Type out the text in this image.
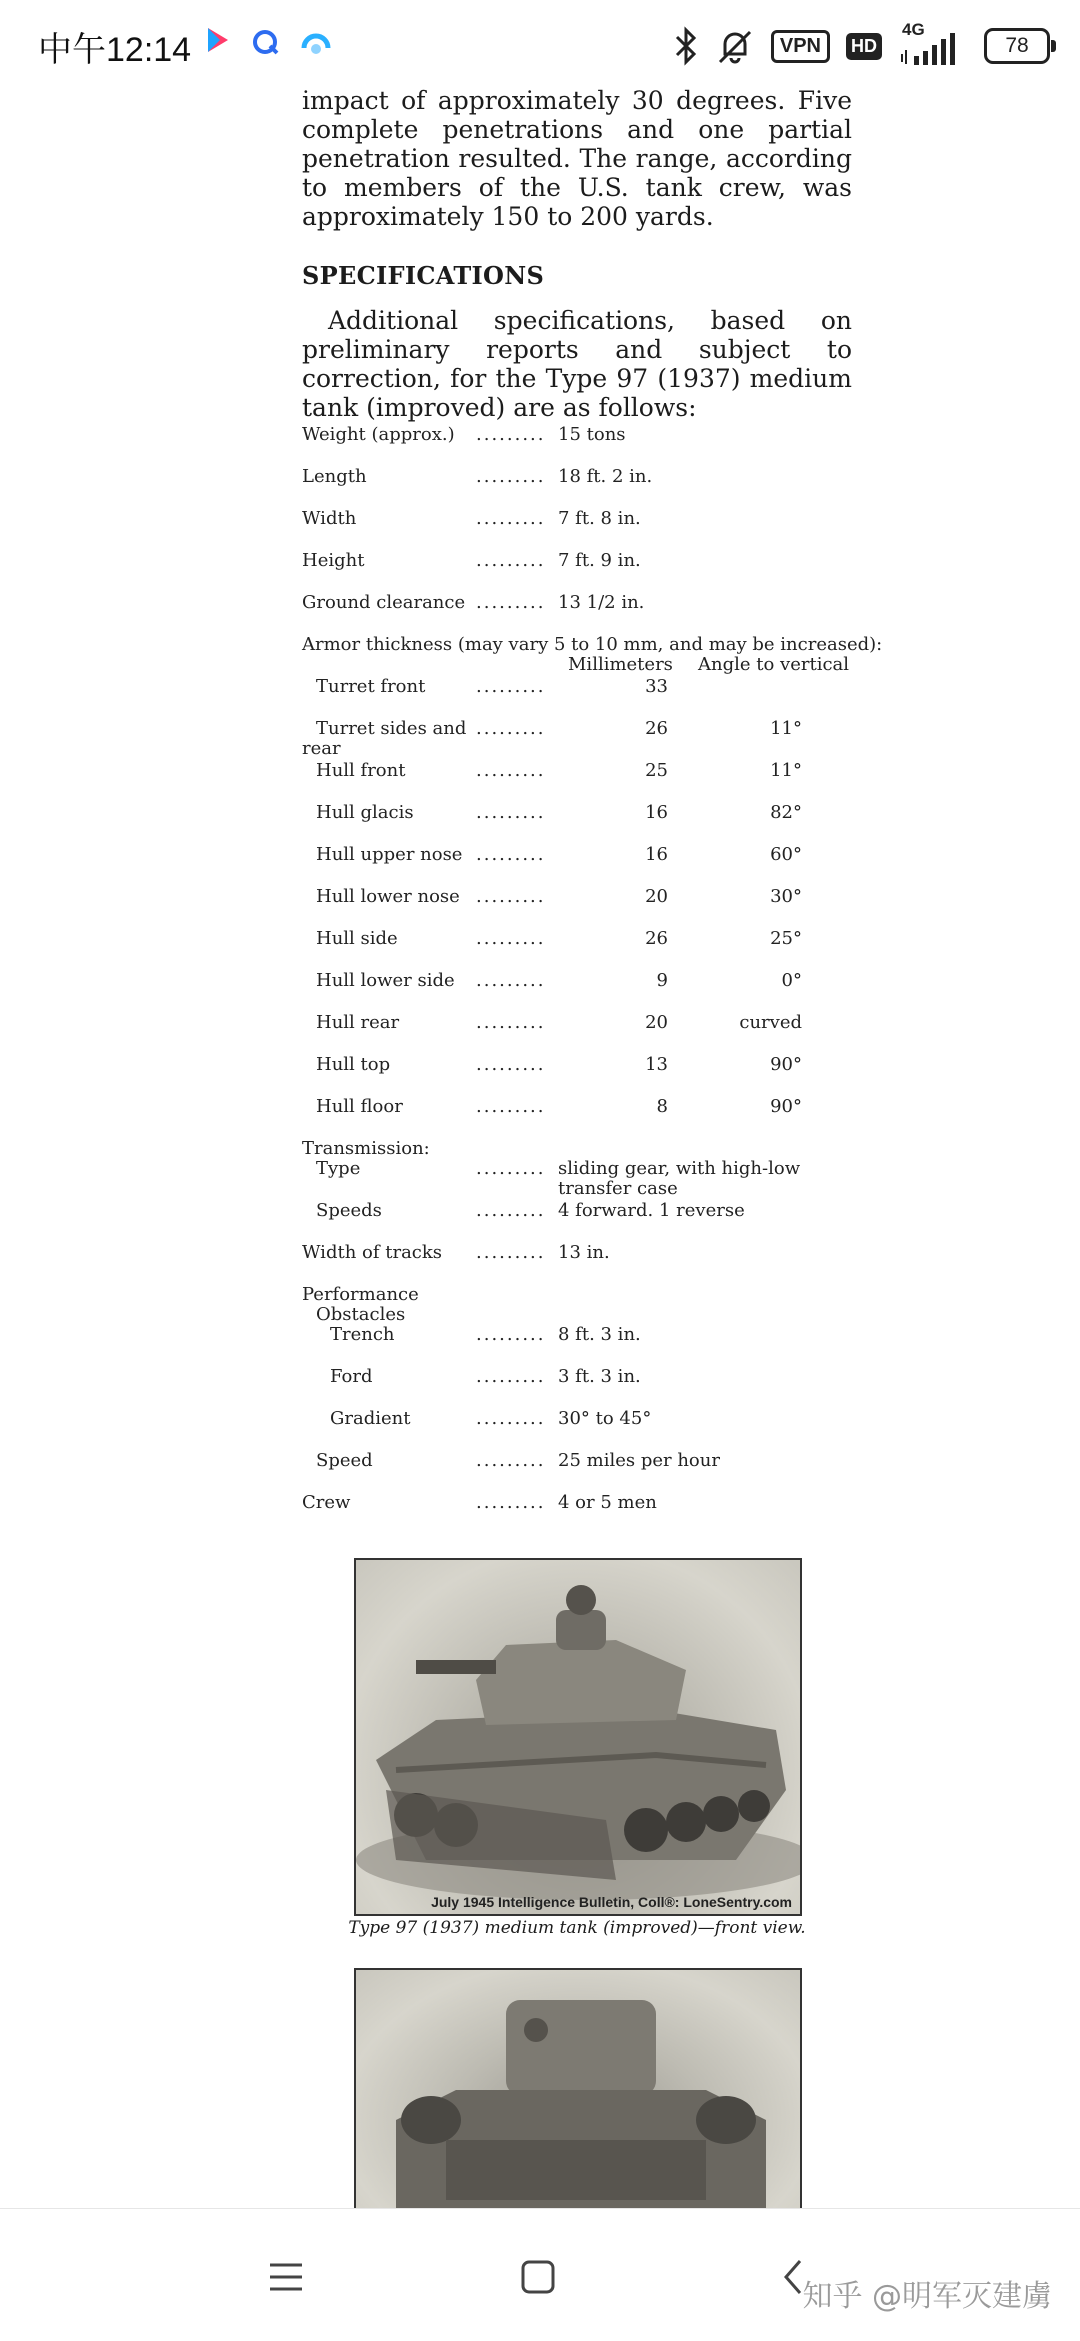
中午12:14	VPN	HD
4G
78

impact of approximately 30 degrees. Five complete penetrations and one partial penetration resulted. The range, according to members of the U.S. tank crew, was approximately 150 to 200 yards.

SPECIFICATIONS

Additional specifications, based on preliminary reports and subject to correction, for the Type 97 (1937) medium tank (improved) are as follows:

Weight (approx.) ......... 15 tons
Length	......... 18 ft. 2 in.
Width	......... 7 ft. 8 in.
Height	......... 7 ft. 9 in.
Ground clearance ......... 13 1/2 in.
Armor thickness (may vary 5 to 10 mm, and may be increased):
Millimeters Angle to vertical
Turret front	.........	33
Turret sides and
rear
.........	26	11°
Hull front	.........	25	11°
Hull glacis	.........	16	82°
Hull upper nose .........	16	60°
Hull lower nose .........	20	30°
Hull side	.........	26	25°
Hull lower side .........	9	0°
Hull rear	.........	20	curved
Hull top	.........	13	90°
Hull floor	.........	8	90°
Transmission:
Type	......... sliding gear, with high-low
transfer case
Speeds	......... 4 forward. 1 reverse
Width of tracks ......... 13 in.
Performance
Obstacles
Trench	......... 8 ft. 3 in.
Ford	......... 3 ft. 3 in.
Gradient	......... 30° to 45°
Speed	......... 25 miles per hour
Crew	......... 4 or 5 men
July 1945 Intelligence Bulletin, Coll®: LoneSentry.com
Type 97 (1937) medium tank (improved)—front view.
知乎 @明军灭建虜
